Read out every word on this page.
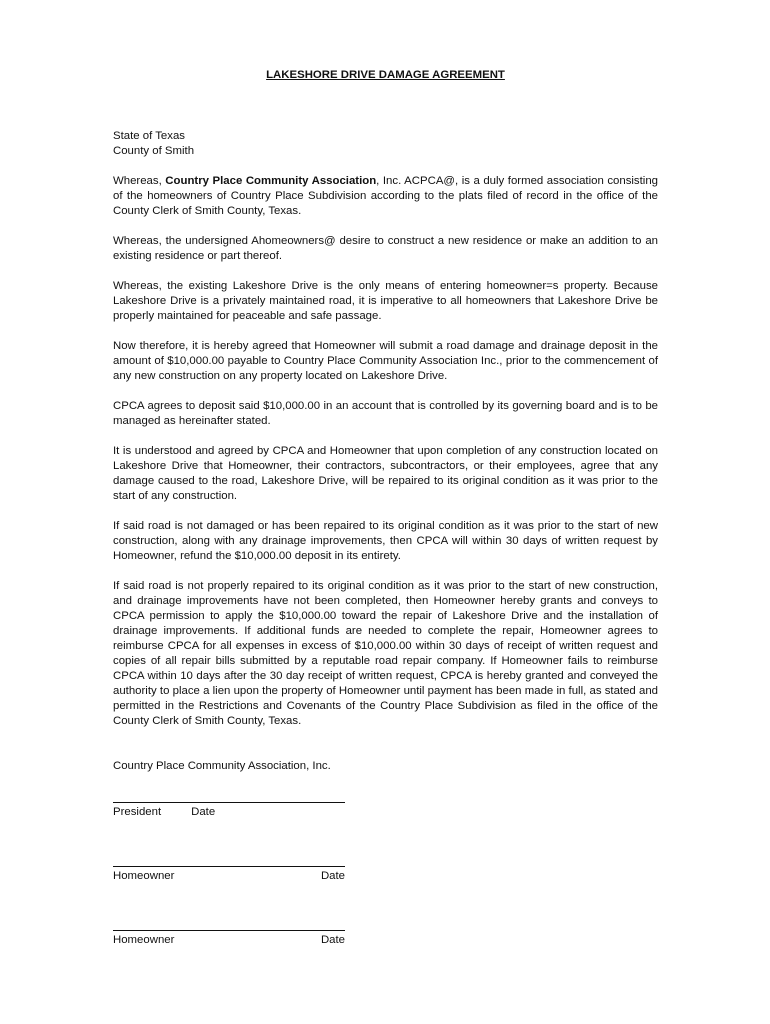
LAKESHORE DRIVE DAMAGE AGREEMENT
State of Texas
County of Smith

Whereas, Country Place Community Association, Inc. ACPCA@, is a duly formed association consisting of the homeowners of Country Place Subdivision according to the plats filed of record in the office of the County Clerk of Smith County, Texas.

Whereas, the undersigned Ahomeowners@ desire to construct a new residence or make an addition to an existing residence or part thereof.

Whereas, the existing Lakeshore Drive is the only means of entering homeowner=s property. Because Lakeshore Drive is a privately maintained road, it is imperative to all homeowners that Lakeshore Drive be properly maintained for peaceable and safe passage.

Now therefore, it is hereby agreed that Homeowner will submit a road damage and drainage deposit in the amount of $10,000.00 payable to Country Place Community Association Inc., prior to the commencement of any new construction on any property located on Lakeshore Drive.

CPCA agrees to deposit said $10,000.00 in an account that is controlled by its governing board and is to be managed as hereinafter stated.

It is understood and agreed by CPCA and Homeowner that upon completion of any construction located on Lakeshore Drive that Homeowner, their contractors, subcontractors, or their employees, agree that any damage caused to the road, Lakeshore Drive, will be repaired to its original condition as it was prior to the start of any construction.

If said road is not damaged or has been repaired to its original condition as it was prior to the start of new construction, along with any drainage improvements, then CPCA will within 30 days of written request by Homeowner, refund the $10,000.00 deposit in its entirety.

If said road is not properly repaired to its original condition as it was prior to the start of new construction, and drainage improvements have not been completed, then Homeowner hereby grants and conveys to CPCA permission to apply the $10,000.00 toward the repair of Lakeshore Drive and the installation of drainage improvements. If additional funds are needed to complete the repair, Homeowner agrees to reimburse CPCA for all expenses in excess of $10,000.00 within 30 days of receipt of written request and copies of all repair bills submitted by a reputable road repair company. If Homeowner fails to reimburse CPCA within 10 days after the 30 day receipt of written request, CPCA is hereby granted and conveyed the authority to place a lien upon the property of Homeowner until payment has been made in full, as stated and permitted in the Restrictions and Covenants of the Country Place Subdivision as filed in the office of the County Clerk of Smith County, Texas.

Country Place Community Association, Inc.
President	Date
Homeowner	Date
Homeowner	Date
